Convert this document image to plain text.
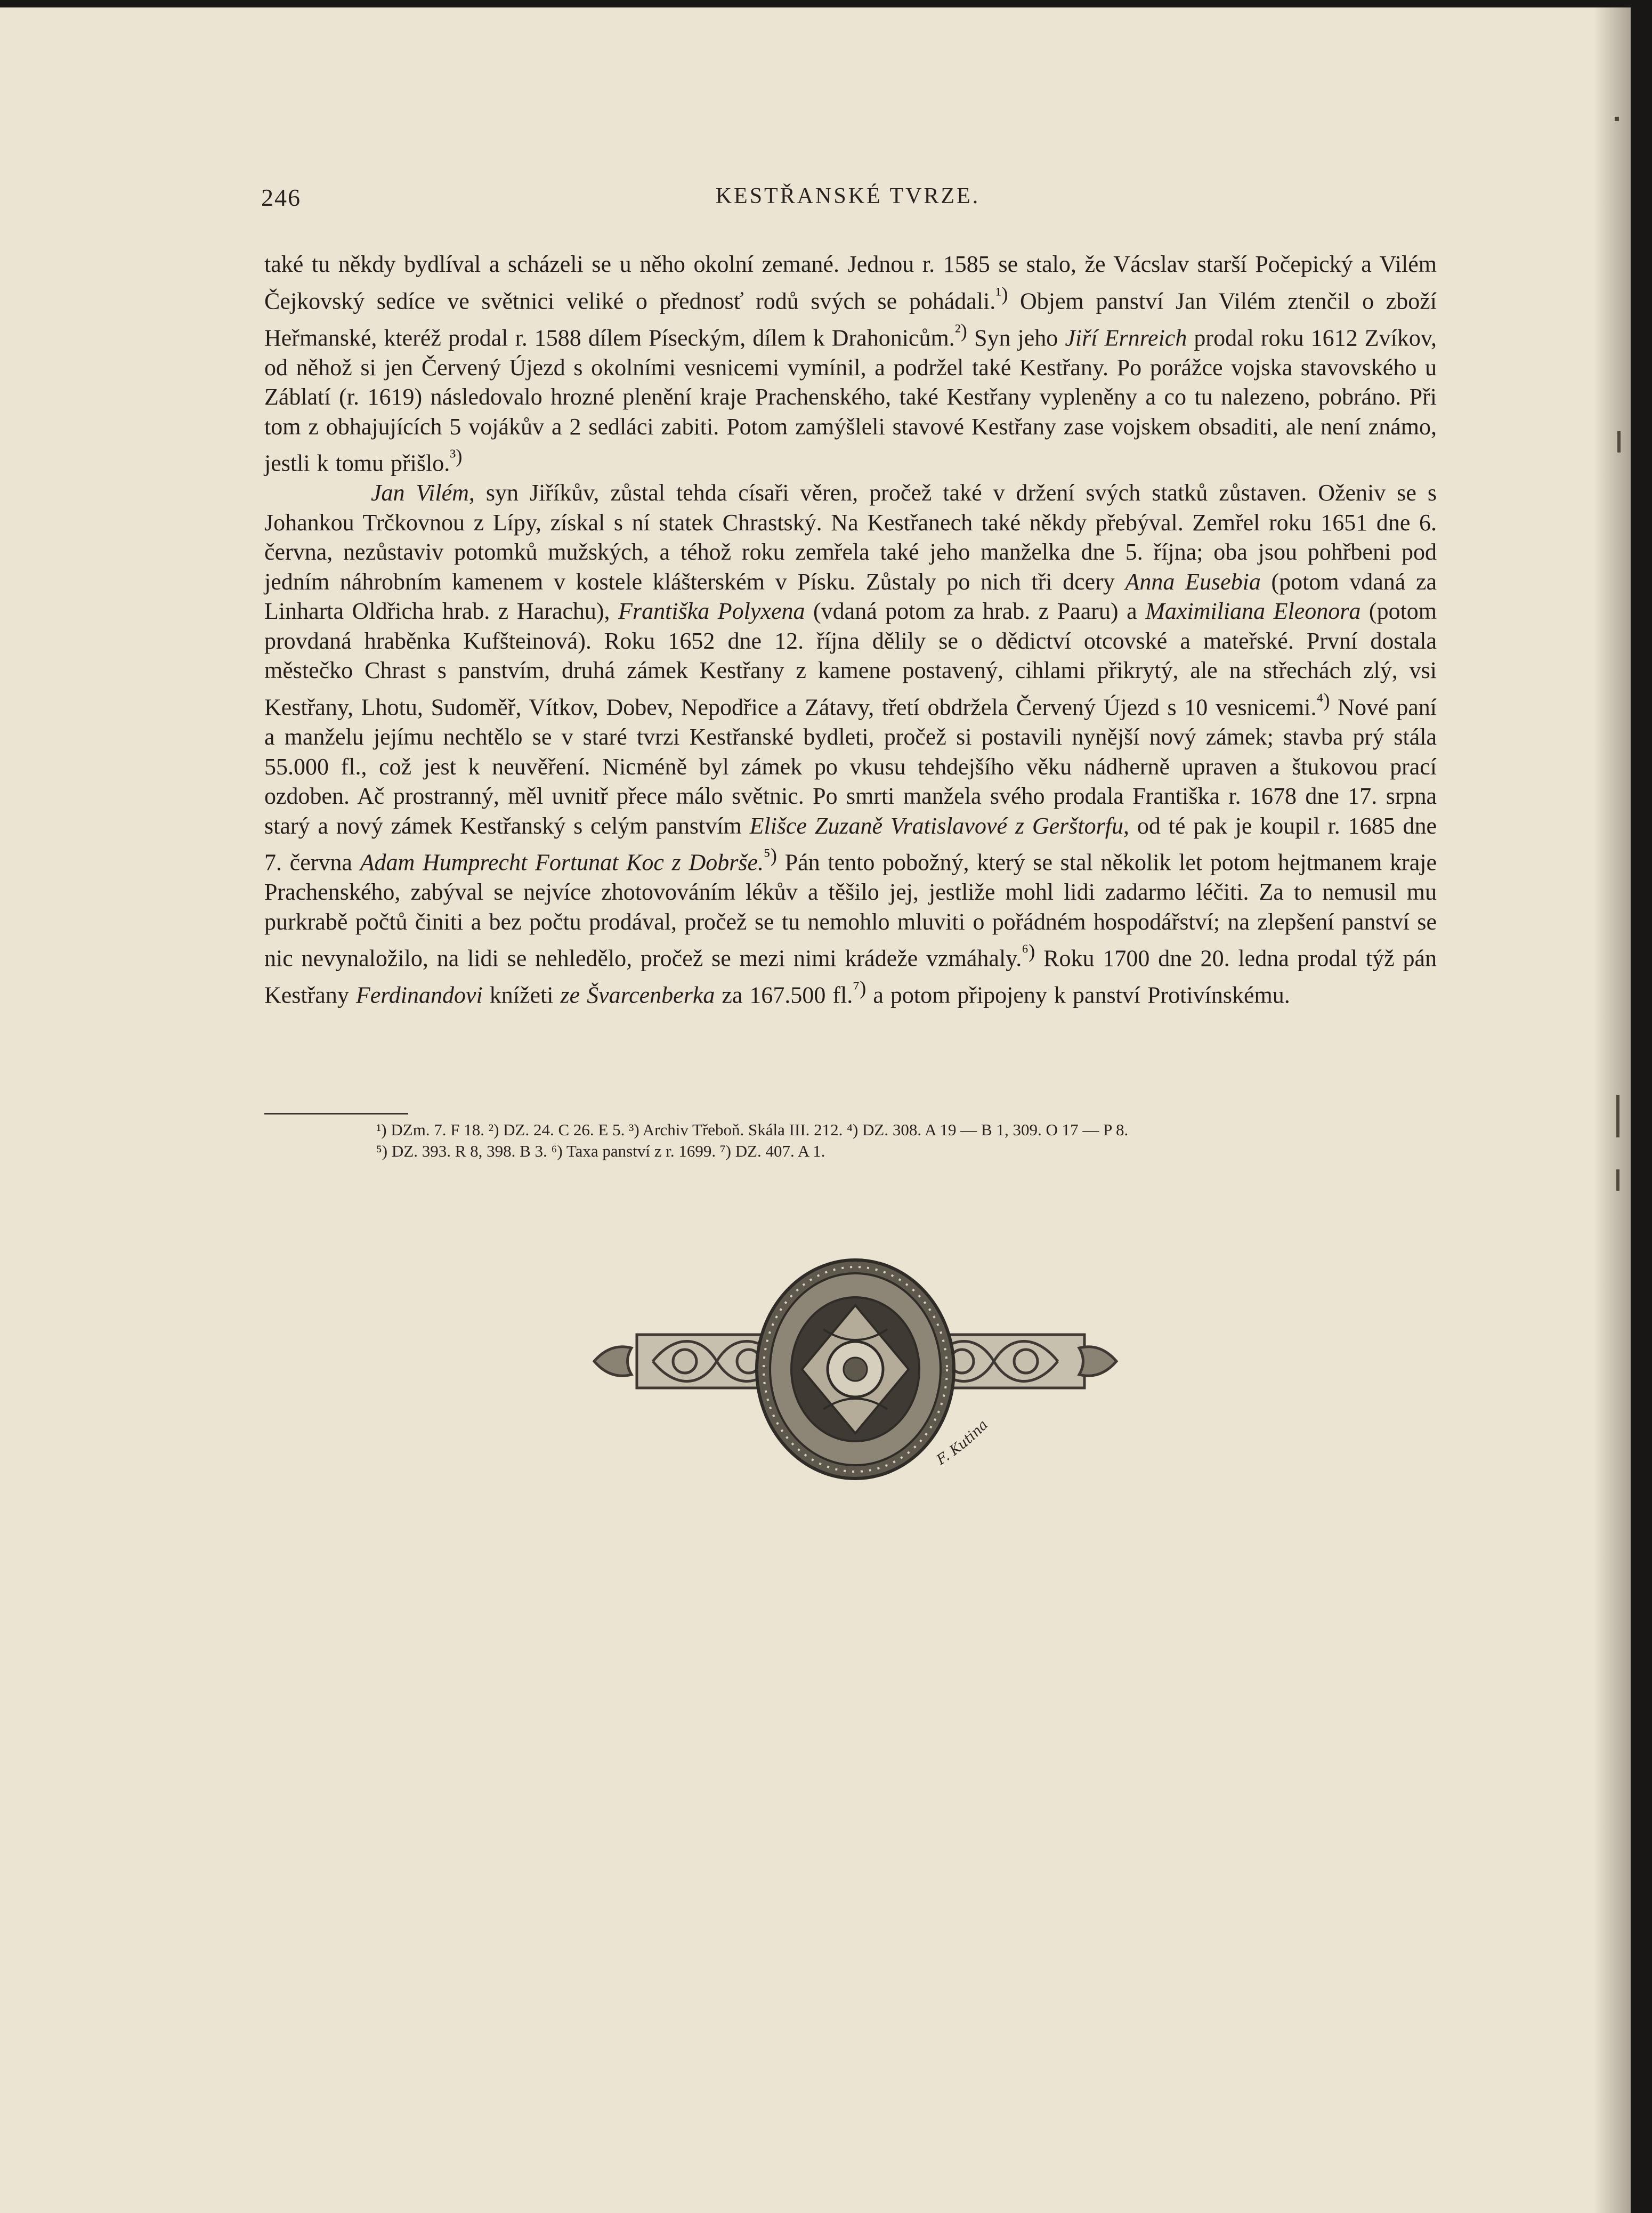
246	KESTŘANSKÉ TVRZE.

také tu někdy bydlíval a scházeli se u něho okolní zemané. Jednou r. 1585 se stalo, že Vácslav starší Počepický a Vilém Čejkovský sedíce ve světnici veliké o přednosť rodů svých se pohádali.$^{^1)}$ Objem panství Jan Vilém ztenčil o zboží Heřmanské, kteréž prodal r. 1588 dílem Píseckým, dílem k Drahonicům.$^{^2)}$ Syn jeho Jiří Ernreich prodal roku 1612 Zvíkov, od něhož si jen Červený Újezd s okolními vesnicemi vymínil, a podržel také Kestřany. Po porážce vojska stavovského u Záblatí (r. 1619) následovalo hrozné plenění kraje Prachenského, také Kestřany vypleněny a co tu nalezeno, pobráno. Při tom z obhajujících 5 vojákův a 2 sedláci zabiti. Potom zamýšleli stavové Kestřany zase vojskem obsaditi, ale není známo, jestli k tomu přišlo.$^{^3)}$

Jan Vilém, syn Jiříkův, zůstal tehda císaři věren, pročež také v držení svých statků zůstaven. Oženiv se s Johankou Trčkovnou z Lípy, získal s ní statek Chrastský. Na Kestřanech také někdy přebýval. Zemřel roku 1651 dne 6. června, nezůstaviv potomků mužských, a téhož roku zemřela také jeho manželka dne 5. října; oba jsou pohřbeni pod jedním náhrobním kamenem v kostele klášterském v Písku. Zůstaly po nich tři dcery Anna Eusebia (potom vdaná za Linharta Oldřicha hrab. z Harachu), Františka Polyxena (vdaná potom za hrab. z Paaru) a Maximiliana Eleonora (potom provdaná hraběnka Kufšteinová). Roku 1652 dne 12. října dělily se o dědictví otcovské a mateřské. První dostala městečko Chrast s panstvím, druhá zámek Kestřany z kamene postavený, cihlami přikrytý, ale na střechách zlý, vsi Kestřany, Lhotu, Sudoměř, Vítkov, Dobev, Nepodřice a Zátavy, třetí obdržela Červený Újezd s 10 vesnicemi.$^{^4)}$ Nové paní a manželu jejímu nechtělo se v staré tvrzi Kestřanské bydleti, pročež si postavili nynější nový zámek; stavba prý stála 55.000 fl., což jest k neuvěření. Nicméně byl zámek po vkusu tehdejšího věku nádherně upraven a štukovou prací ozdoben. Ač prostranný, měl uvnitř přece málo světnic. Po smrti manžela svého prodala Františka r. 1678 dne 17. srpna starý a nový zámek Kestřanský s celým panstvím Elišce Zuzaně Vratislavové z Gerštorfu, od té pak je koupil r. 1685 dne 7. června Adam Humprecht Fortunat Koc z Dobrše.$^{^5)}$ Pán tento pobožný, který se stal několik let potom hejtmanem kraje Prachenského, zabýval se nejvíce zhotovováním lékův a těšilo jej, jestliže mohl lidi zadarmo léčiti. Za to nemusil mu purkrabě počtů činiti a bez počtu prodával, pročež se tu nemohlo mluviti o pořádném hospodářství; na zlepšení panství se nic nevynaložilo, na lidi se nehledělo, pročež se mezi nimi krádeže vzmáhaly.$^{^6)}$ Roku 1700 dne 20. ledna prodal týž pán Kestřany Ferdinandovi knížeti ze Švarcenberka za 167.500 fl.$^{^7)}$ a potom připojeny k panství Protivínskému.

¹) DZm. 7. F 18. ²) DZ. 24. C 26. E 5. ³) Archiv Třeboň. Skála III. 212. ⁴) DZ. 308. A 19 — B 1, 309. O 17 — P 8.

⁵) DZ. 393. R 8, 398. B 3. ⁶) Taxa panství z r. 1699. ⁷) DZ. 407. A 1.

F. Kutina
